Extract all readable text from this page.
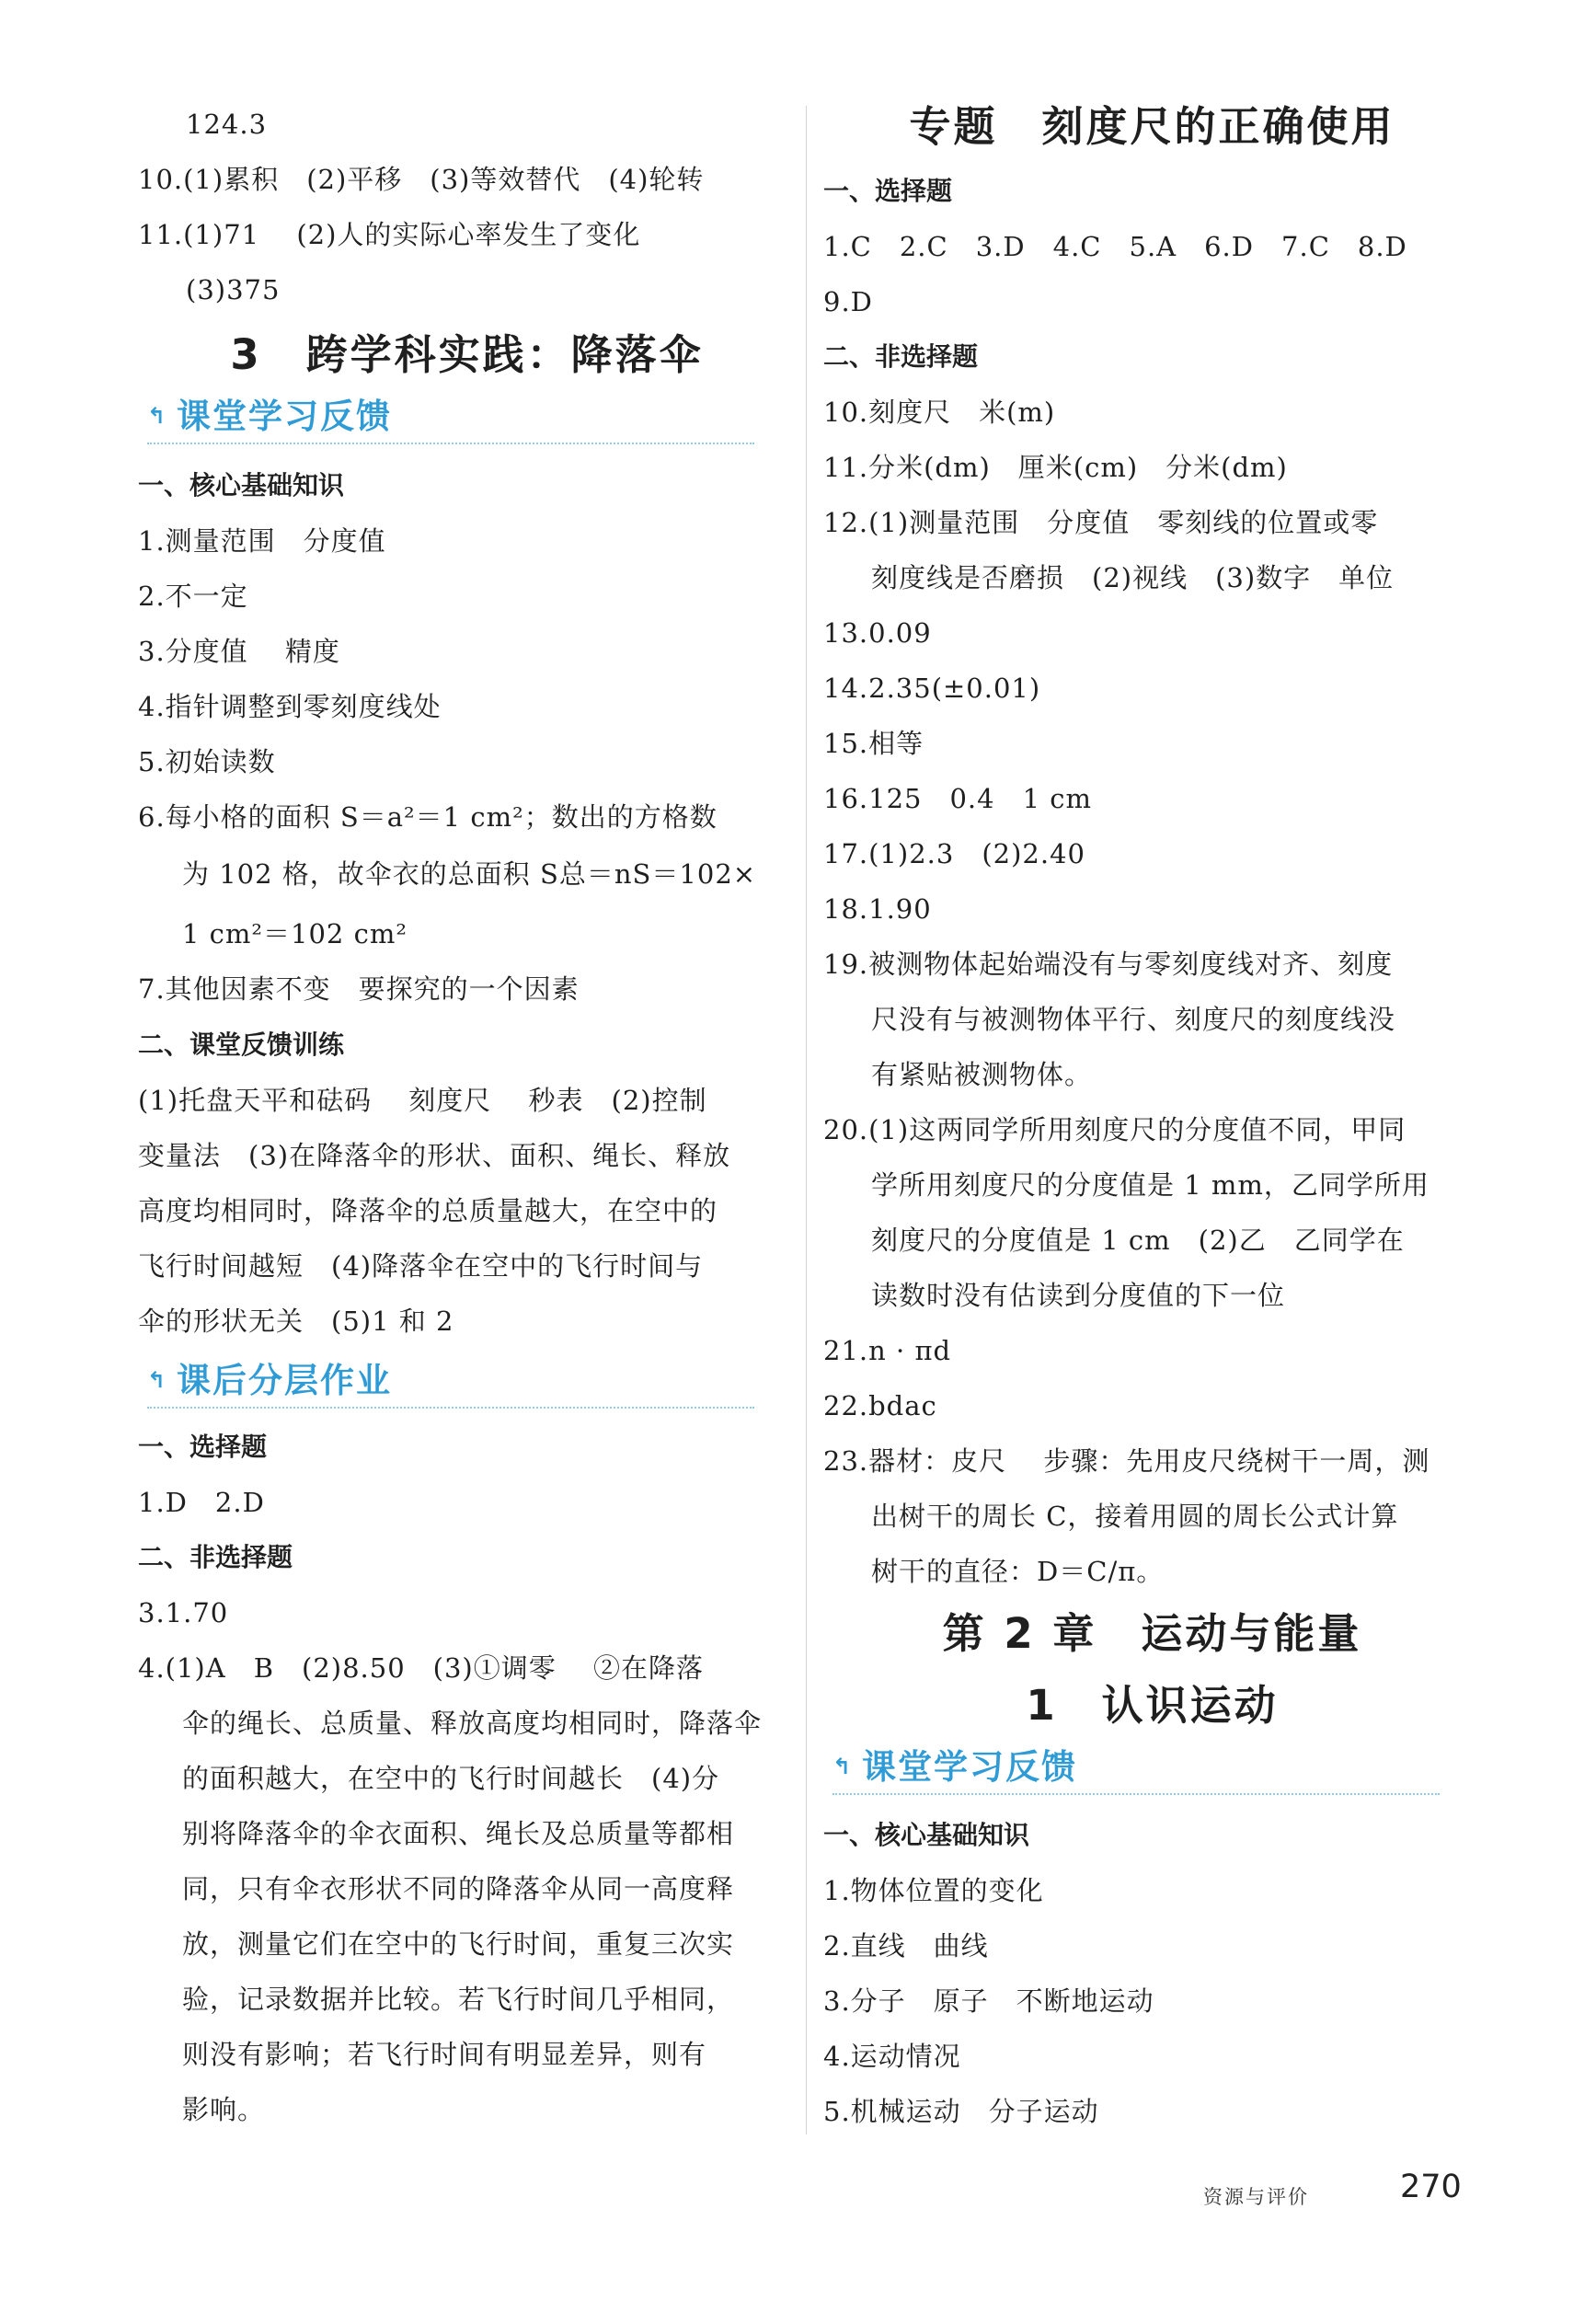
124.3
10.(1)累积　(2)平移　(3)等效替代　(4)轮转
11.(1)71　 (2)人的实际心率发生了变化
(3)375
3　跨学科实践：降落伞
↰ 课堂学习反馈
一、核心基础知识
1.测量范围　分度值
2.不一定
3.分度值　 精度
4.指针调整到零刻度线处
5.初始读数
6.每小格的面积 S＝a²＝1 cm²；数出的方格数
为 102 格，故伞衣的总面积 S总＝nS＝102×
1 cm²＝102 cm²
7.其他因素不变　要探究的一个因素
二、课堂反馈训练
(1)托盘天平和砝码　 刻度尺　 秒表　(2)控制
变量法　(3)在降落伞的形状、面积、绳长、释放
高度均相同时，降落伞的总质量越大，在空中的
飞行时间越短　(4)降落伞在空中的飞行时间与
伞的形状无关　(5)1 和 2
↰ 课后分层作业
一、选择题
1.D　2.D
二、非选择题
3.1.70
4.(1)A　B　(2)8.50　(3)①调零　 ②在降落
伞的绳长、总质量、释放高度均相同时，降落伞
的面积越大，在空中的飞行时间越长　(4)分
别将降落伞的伞衣面积、绳长及总质量等都相
同，只有伞衣形状不同的降落伞从同一高度释
放，测量它们在空中的飞行时间，重复三次实
验，记录数据并比较。若飞行时间几乎相同，
则没有影响；若飞行时间有明显差异，则有
影响。
专题　刻度尺的正确使用
一、选择题
1.C　2.C　3.D　4.C　5.A　6.D　7.C　8.D
9.D
二、非选择题
10.刻度尺　米(m)
11.分米(dm)　厘米(cm)　分米(dm)
12.(1)测量范围　分度值　零刻线的位置或零
刻度线是否磨损　(2)视线　(3)数字　单位
13.0.09
14.2.35(±0.01)
15.相等
16.125　0.4　1 cm
17.(1)2.3　(2)2.40
18.1.90
19.被测物体起始端没有与零刻度线对齐、刻度
尺没有与被测物体平行、刻度尺的刻度线没
有紧贴被测物体。
20.(1)这两同学所用刻度尺的分度值不同，甲同
学所用刻度尺的分度值是 1 mm，乙同学所用
刻度尺的分度值是 1 cm　(2)乙　乙同学在
读数时没有估读到分度值的下一位
21.n · πd
22.bdac
23.器材：皮尺　 步骤：先用皮尺绕树干一周，测
出树干的周长 C，接着用圆的周长公式计算
树干的直径：D＝C/π。
第 2 章　运动与能量
1　认识运动
↰ 课堂学习反馈
一、核心基础知识
1.物体位置的变化
2.直线　曲线
3.分子　原子　不断地运动
4.运动情况
5.机械运动　分子运动
资源与评价	270
